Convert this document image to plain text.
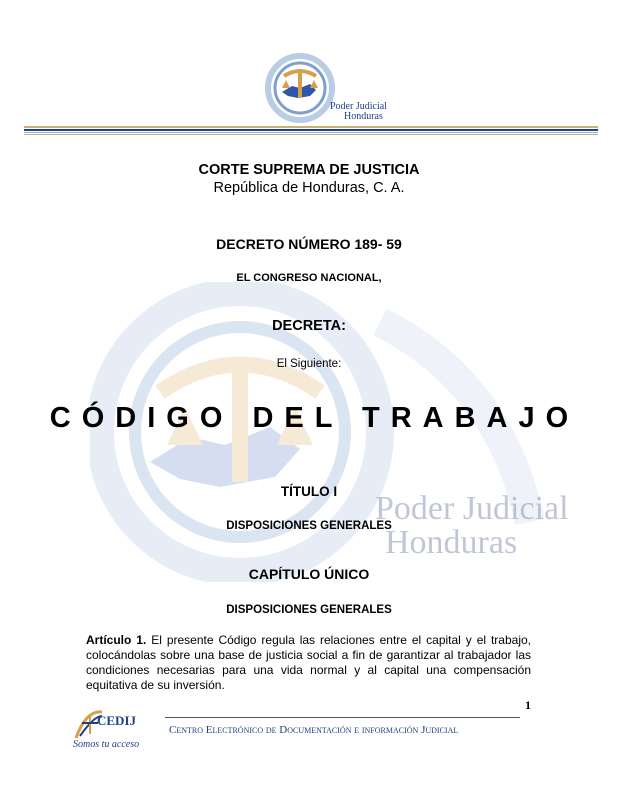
Poder Judicial
Honduras
Poder Judicial
Honduras
CORTE SUPREMA DE JUSTICIA
República de Honduras, C. A.
DECRETO NÚMERO 189- 59
EL CONGRESO NACIONAL,
DECRETA:
El Siguiente:
CÓDIGO DEL TRABAJO
TÍTULO I
DISPOSICIONES GENERALES
CAPÍTULO ÚNICO
DISPOSICIONES GENERALES
Artículo 1. El presente Código regula las relaciones entre el capital y el trabajo, colocándolas sobre una base de justicia social a fin de garantizar al trabajador las condiciones necesarias para una vida normal y al capital una compensación equitativa de su inversión.
1
CEDIJ
Somos tu acceso
Centro Electrónico de Documentación e información Judicial
